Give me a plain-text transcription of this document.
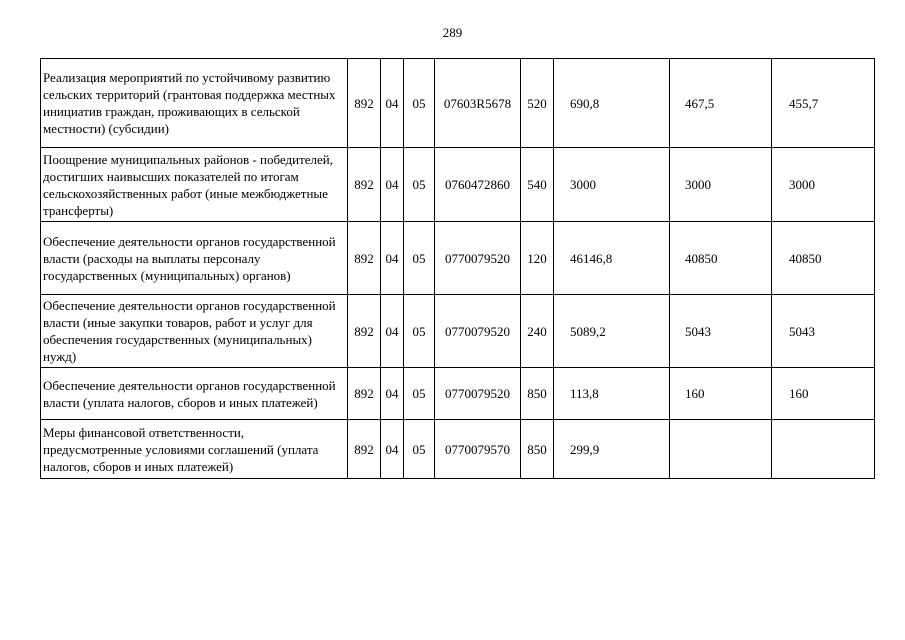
289
Реализация мероприятий по устойчивому развитию сельских территорий (грантовая поддержка местных инициатив граждан, проживающих в сельской местности) (субсидии)	892	04	05	07603R5678	520	690,8	467,5	455,7
Поощрение муниципальных районов - победителей, достигших наивысших показателей по итогам сельскохозяйственных работ (иные межбюджетные трансферты)	892	04	05	0760472860	540	3000	3000	3000
Обеспечение деятельности органов государственной власти (расходы на выплаты персоналу государственных (муниципальных) органов)	892	04	05	0770079520	120	46146,8	40850	40850
Обеспечение деятельности органов государственной власти (иные закупки товаров, работ и услуг для обеспечения государственных (муниципальных) нужд)	892	04	05	0770079520	240	5089,2	5043	5043
Обеспечение деятельности органов государственной власти (уплата налогов, сборов и иных платежей)	892	04	05	0770079520	850	113,8	160	160
Меры финансовой ответственности, предусмотренные условиями соглашений (уплата налогов, сборов и иных платежей)	892	04	05	0770079570	850	299,9		
